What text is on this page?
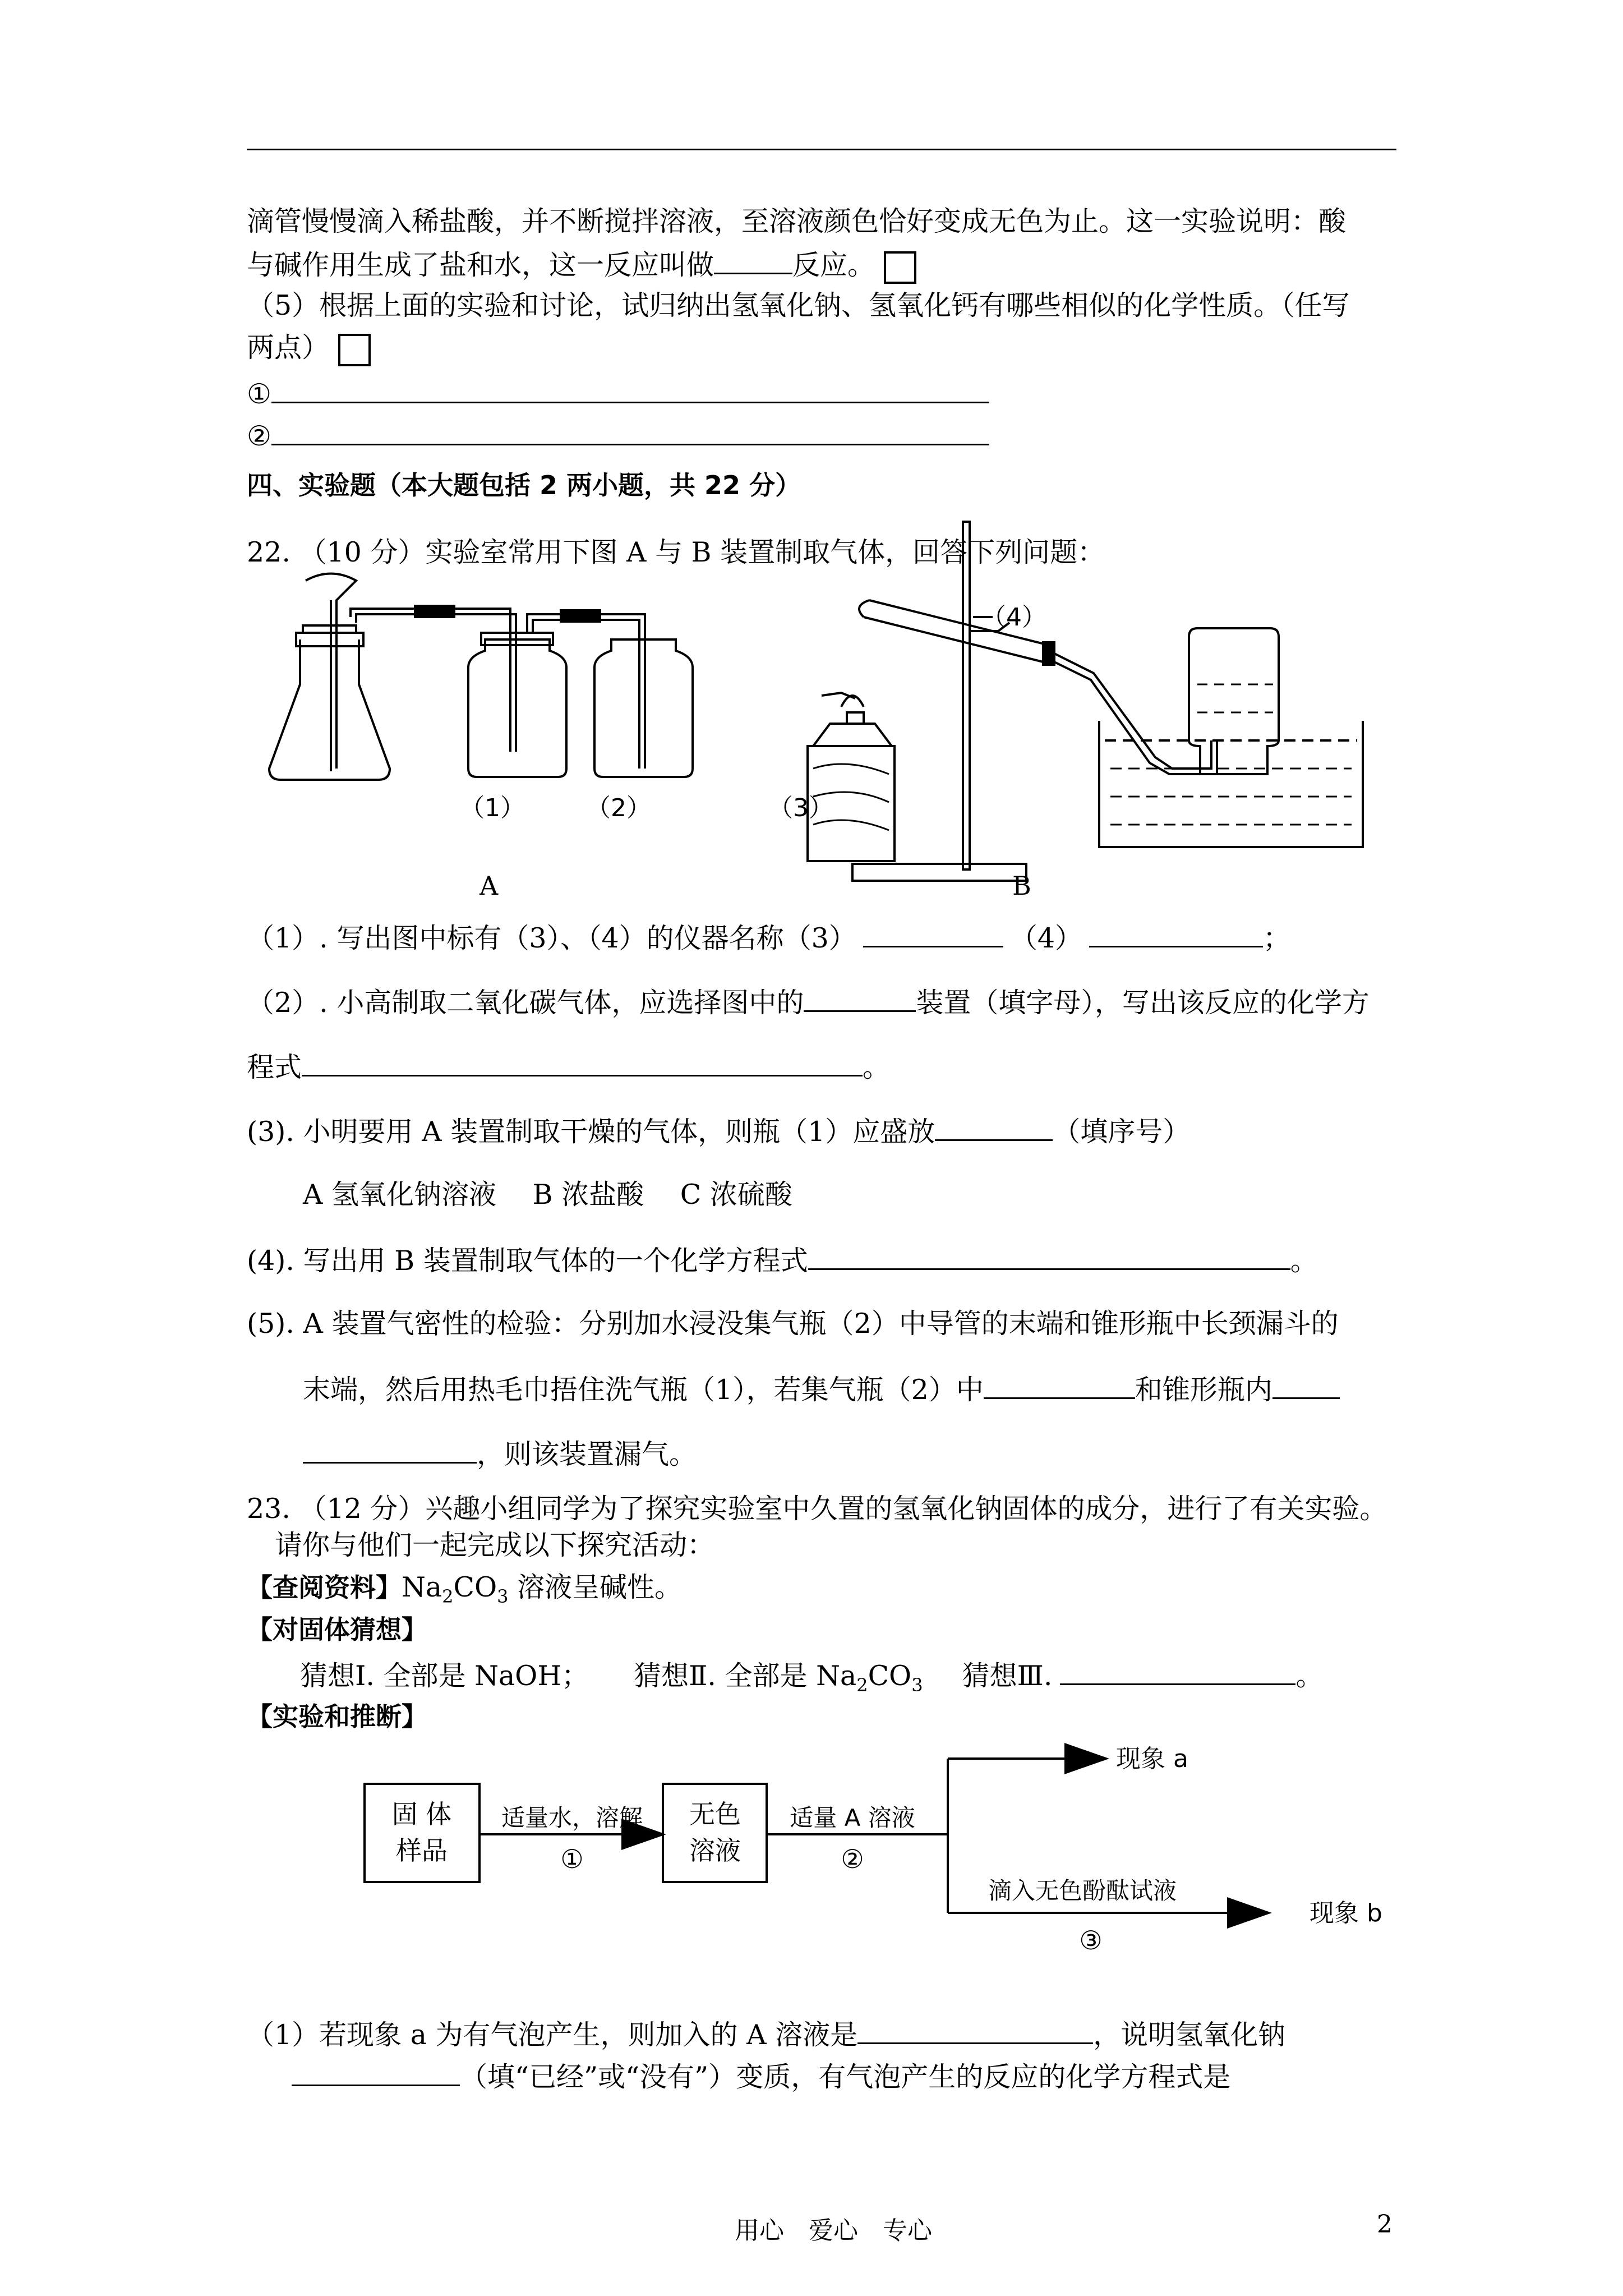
滴管慢慢滴入稀盐酸，并不断搅拌溶液，至溶液颜色恰好变成无色为止。这一实验说明：酸
与碱作用生成了盐和水，这一反应叫做	反应。
（5）根据上面的实验和讨论，试归纳出氢氧化钠、氢氧化钙有哪些相似的化学性质。（任写
两点）
①
②
四、实验题（本大题包括 2 两小题，共 22 分）
22. （10 分）实验室常用下图 A 与 B 装置制取气体，回答下列问题：
（1） （2）	（3）
（4）
A	B
（1）. 写出图中标有（3）、（4）的仪器名称（3）	（4）	；
（2）. 小高制取二氧化碳气体，应选择图中的	装置（填字母），写出该反应的化学方
程式	。
(3). 小明要用 A 装置制取干燥的气体，则瓶（1）应盛放	（填序号）
A 氢氧化钠溶液　 B 浓盐酸　 C 浓硫酸
(4). 写出用 B 装置制取气体的一个化学方程式	。
(5). A 装置气密性的检验：分别加水浸没集气瓶（2）中导管的末端和锥形瓶中长颈漏斗的
末端，然后用热毛巾捂住洗气瓶（1），若集气瓶（2）中	和锥形瓶内
，则该装置漏气。
23. （12 分）兴趣小组同学为了探究实验室中久置的氢氧化钠固体的成分，进行了有关实验。
请你与他们一起完成以下探究活动：
【查阅资料】$Na_2CO_3$ 溶液呈碱性。
【对固体猜想】
猜想Ⅰ. 全部是 NaOH； 猜想Ⅱ. 全部是 $Na_2CO_3$ 猜想Ⅲ.	。
【实验和推断】
固 体
样品
适量水，溶解
①
无色
溶液
适量 A 溶液
②
现象 a
滴入无色酚酞试液
③
现象 b
（1）若现象 a 为有气泡产生，则加入的 A 溶液是	，说明氢氧化钠
（填“已经”或“没有”）变质，有气泡产生的反应的化学方程式是
用心　爱心　专心	2
